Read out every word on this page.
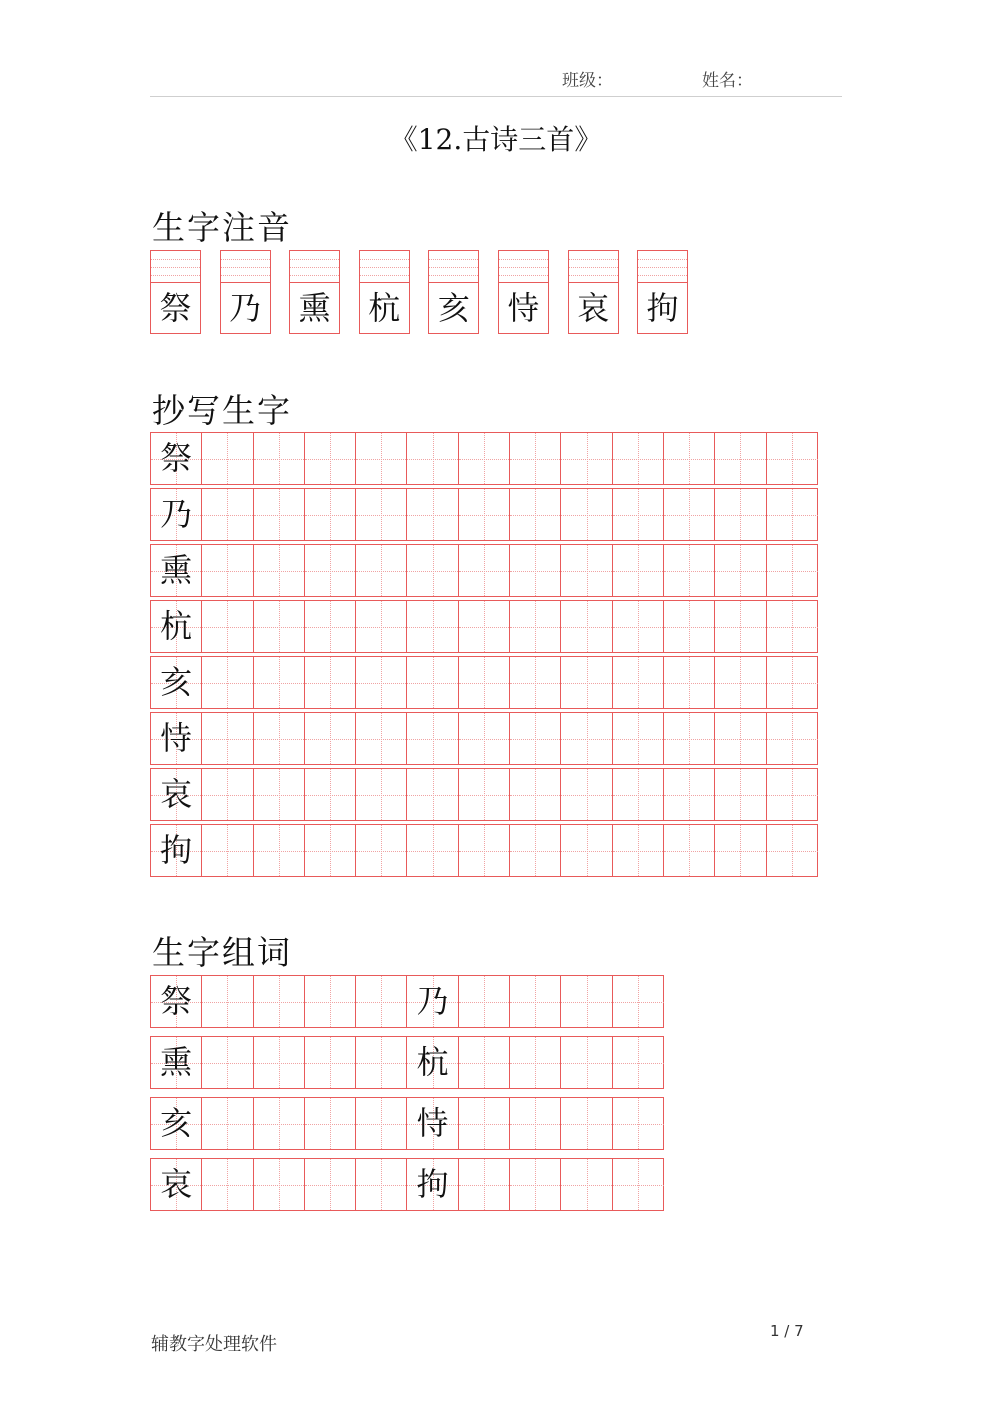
班级：	姓名：
《12.古诗三首》
生字注音
祭 乃 熏 杭 亥 恃 哀 拘
抄写生字
祭
乃
熏
杭
亥
恃
哀
拘
生字组词
祭	乃
熏	杭
亥	恃
哀	拘
辅教字处理软件
1 / 7
